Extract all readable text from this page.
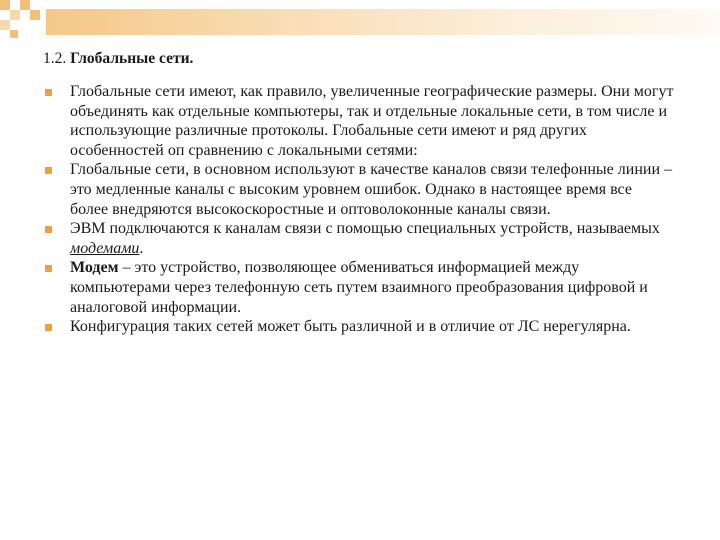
1.2. Глобальные сети.
Глобальные сети имеют, как правило, увеличенные географические размеры. Они могут объединять как отдельные компьютеры, так и отдельные локальные сети, в том числе и использующие различные протоколы. Глобальные сети имеют и ряд других особенностей оп сравнению с локальными сетями:
Глобальные сети, в основном используют в качестве каналов связи телефонные линии – это медленные каналы с высоким уровнем ошибок. Однако в настоящее время все более внедряются высокоскоростные и оптоволоконные каналы связи.
ЭВМ подключаются к каналам связи с помощью специальных устройств, называемых модемами.
Модем – это устройство, позволяющее обмениваться информацией между компьютерами через телефонную сеть путем взаимного преобразования цифровой и аналоговой информации.
Конфигурация таких сетей может быть различной и в отличие от ЛС нерегулярна.
